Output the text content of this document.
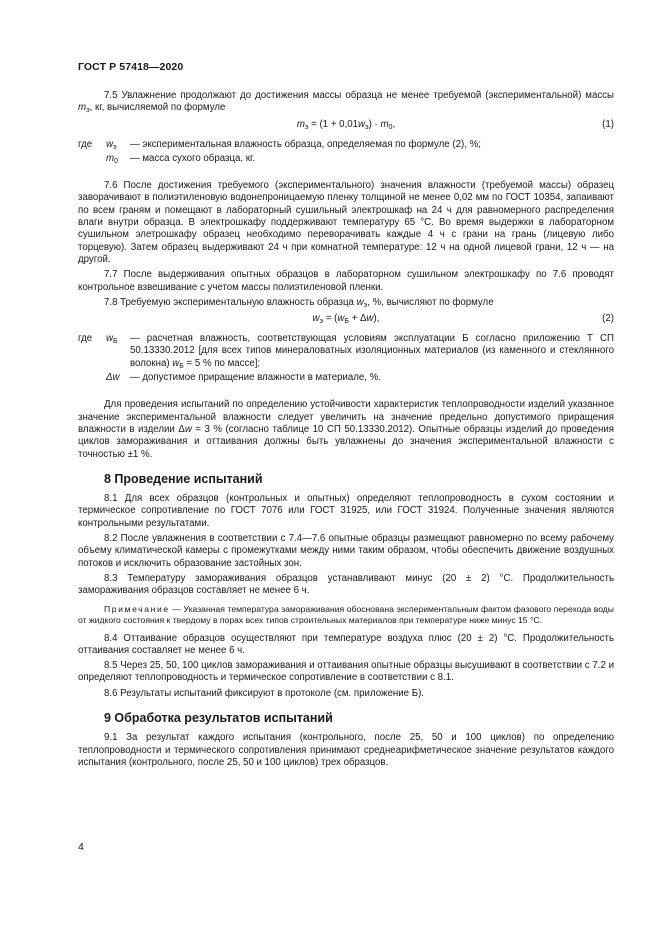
ГОСТ Р 57418—2020

7.5 Увлажнение продолжают до достижения массы образца не менее требуемой (экспериментальной) массы $m_э$, кг, вычисляемой по формуле

$m_э = (1 + 0,01w_э) \cdot m_0$,	(1)
где	$w_э$	— экспериментальная влажность образца, определяемая по формуле (2), %;
$m_0$	— масса сухого образца, кг.

7.6 После достижения требуемого (экспериментального) значения влажности (требуемой массы) образец заворачивают в полиэтиленовую водонепроницаемую пленку толщиной не менее 0,02 мм по ГОСТ 10354, запаивают по всем граням и помещают в лабораторный сушильный электрошкаф на 24 ч для равномерного распределения влаги внутри образца. В электрошкафу поддерживают температуру 65 °С. Во время выдержки в лабораторном сушильном элетрошкафу образец необходимо переворачивать каждые 4 ч с грани на грань (лицевую либо торцевую). Затем образец выдерживают 24 ч при комнатной температуре: 12 ч на одной лицевой грани, 12 ч — на другой.

7.7 После выдерживания опытных образцов в лабораторном сушильном электрошкафу по 7.6 проводят контрольное взвешивание с учетом массы полиэтиленовой пленки.

7.8 Требуемую экспериментальную влажность образца $w_э$, %, вычисляют по формуле

$w_э = (w_Б + \Delta w)$,	(2)
где	$w_Б$	— расчетная влажность, соответствующая условиям эксплуатации Б согласно приложению Т СП 50.13330.2012 [для всех типов минераловатных изоляционных материалов (из каменного и стеклянного волокна) $w_Б = 5$ % по массе];
Δw	— допустимое приращение влажности в материале, %.

Для проведения испытаний по определению устойчивости характеристик теплопроводности изделий указанное значение экспериментальной влажности следует увеличить на значение предельно допустимого приращения влажности в изделии Δw = 3 % (согласно таблице 10 СП 50.13330.2012). Опытные образцы изделий до проведения циклов замораживания и оттаивания должны быть увлажнены до значения экспериментальной влажности с точностью ±1 %.

8 Проведение испытаний

8.1 Для всех образцов (контрольных и опытных) определяют теплопроводность в сухом состоянии и термическое сопротивление по ГОСТ 7076 или ГОСТ 31925, или ГОСТ 31924. Полученные значения являются контрольными результатами.

8.2 После увлажнения в соответствии с 7.4—7.6 опытные образцы размещают равномерно по всему рабочему объему климатической камеры с промежутками между ними таким образом, чтобы обеспечить движение воздушных потоков и исключить образование застойных зон.

8.3 Температуру замораживания образцов устанавливают минус (20 ± 2) °С. Продолжительность замораживания образцов составляет не менее 6 ч.

Примечание — Указанная температура замораживания обоснована экспериментальным фактом фазового перехода воды от жидкого состояния к твердому в порах всех типов строительных материалов при температуре ниже минус 15 °С.

8.4 Оттаивание образцов осуществляют при температуре воздуха плюс (20 ± 2) °С. Продолжительность оттаивания составляет не менее 6 ч.

8.5 Через 25, 50, 100 циклов замораживания и оттаивания опытные образцы высушивают в соответствии с 7.2 и определяют теплопроводность и термическое сопротивление в соответствии с 8.1.

8.6 Результаты испытаний фиксируют в протоколе (см. приложение Б).

9 Обработка результатов испытаний

9.1 За результат каждого испытания (контрольного, после 25, 50 и 100 циклов) по определению теплопроводности и термического сопротивления принимают среднеарифметическое значение результатов каждого испытания (контрольного, после 25, 50 и 100 циклов) трех образцов.

4
